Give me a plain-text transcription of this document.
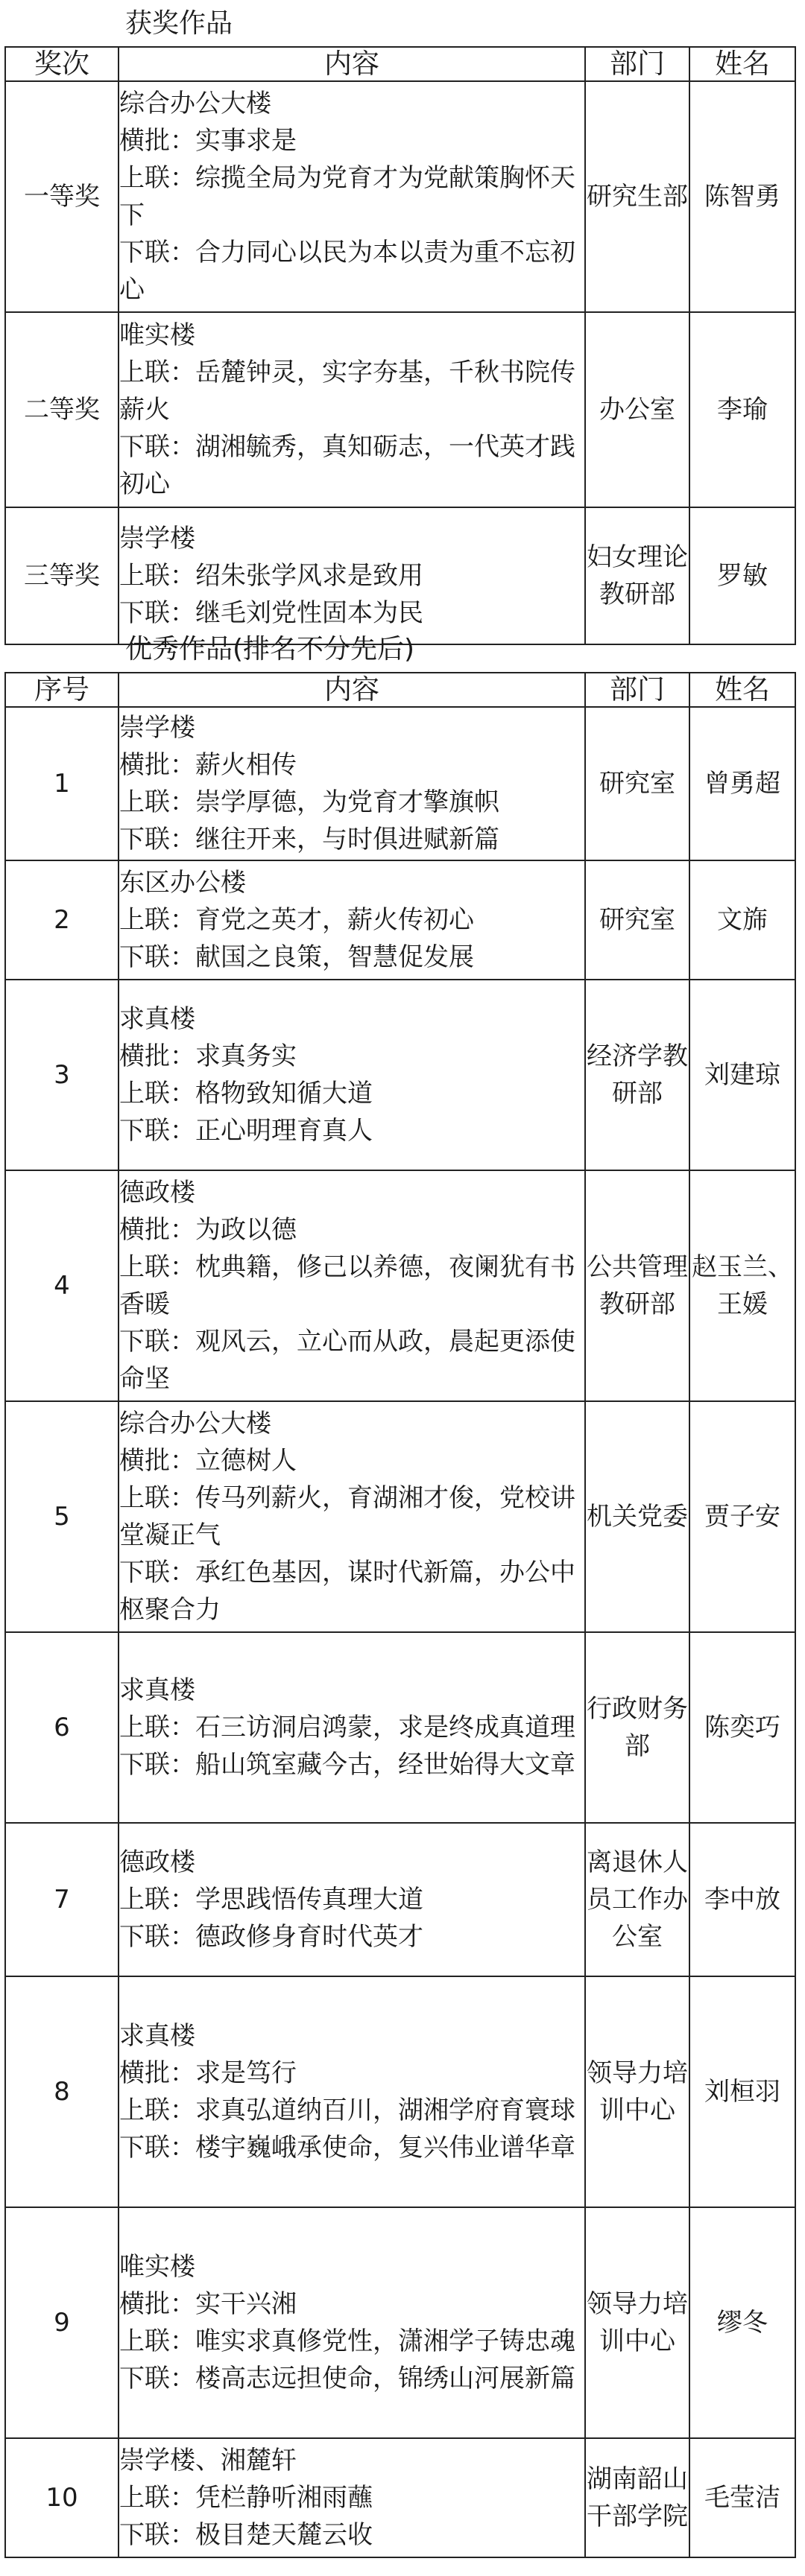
获奖作品
奖次	内容	部门	姓名
一等奖	综合办公大楼
横批：实事求是
上联：综揽全局为党育才为党献策胸怀天下
下联：合力同心以民为本以责为重不忘初心	研究生部	陈智勇
二等奖	唯实楼
上联：岳麓钟灵，实字夯基，千秋书院传薪火
下联：湖湘毓秀，真知砺志，一代英才践初心	办公室	李瑜
三等奖	崇学楼
上联：绍朱张学风求是致用
下联：继毛刘党性固本为民	妇女理论教研部	罗敏
优秀作品(排名不分先后)
序号	内容	部门	姓名
1	崇学楼
横批：薪火相传
上联：崇学厚德，为党育才擎旗帜
下联：继往开来，与时俱进赋新篇	研究室	曾勇超
2	东区办公楼
上联：育党之英才，薪火传初心
下联：献国之良策，智慧促发展	研究室	文旆
3	求真楼
横批：求真务实
上联：格物致知循大道
下联：正心明理育真人	经济学教研部	刘建琼
4	德政楼
横批：为政以德
上联：枕典籍，修己以养德，夜阑犹有书香暖
下联：观风云，立心而从政，晨起更添使命坚	公共管理教研部	赵玉兰、王媛
5	综合办公大楼
横批：立德树人
上联：传马列薪火，育湖湘才俊，党校讲堂凝正气
下联：承红色基因，谋时代新篇，办公中枢聚合力	机关党委	贾子安
6	求真楼
上联：石三访洞启鸿蒙，求是终成真道理
下联：船山筑室藏今古，经世始得大文章	行政财务部	陈奕巧
7	德政楼
上联：学思践悟传真理大道
下联：德政修身育时代英才	离退休人员工作办公室	李中放
8	求真楼
横批：求是笃行
上联：求真弘道纳百川，湖湘学府育寰球
下联：楼宇巍峨承使命，复兴伟业谱华章	领导力培训中心	刘桓羽
9	唯实楼
横批：实干兴湘
上联：唯实求真修党性，潇湘学子铸忠魂
下联：楼高志远担使命，锦绣山河展新篇	领导力培训中心	缪冬
10	崇学楼、湘麓轩
上联：凭栏静听湘雨蘸
下联：极目楚天麓云收	湖南韶山干部学院	毛莹洁
